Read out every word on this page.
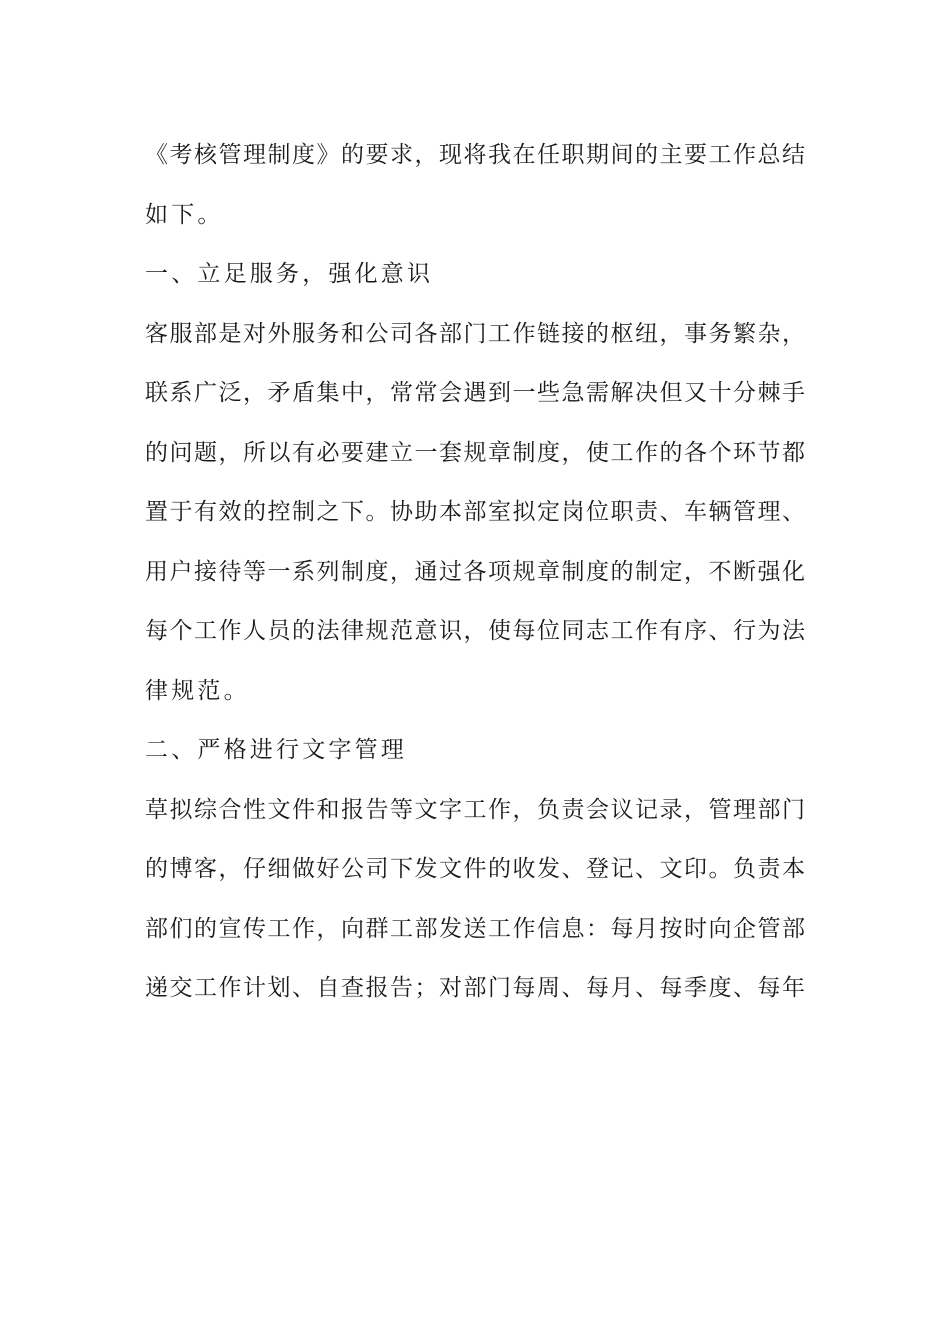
《考核管理制度》的要求，现将我在任职期间的主要工作总结
如下。
一、立足服务，强化意识
客服部是对外服务和公司各部门工作链接的枢纽，事务繁杂，
联系广泛，矛盾集中，常常会遇到一些急需解决但又十分棘手
的问题，所以有必要建立一套规章制度，使工作的各个环节都
置于有效的控制之下。协助本部室拟定岗位职责、车辆管理、
用户接待等一系列制度，通过各项规章制度的制定，不断强化
每个工作人员的法律规范意识，使每位同志工作有序、行为法
律规范。
二、严格进行文字管理
草拟综合性文件和报告等文字工作，负责会议记录，管理部门
的博客，仔细做好公司下发文件的收发、登记、文印。负责本
部们的宣传工作，向群工部发送工作信息：每月按时向企管部
递交工作计划、自查报告；对部门每周、每月、每季度、每年
